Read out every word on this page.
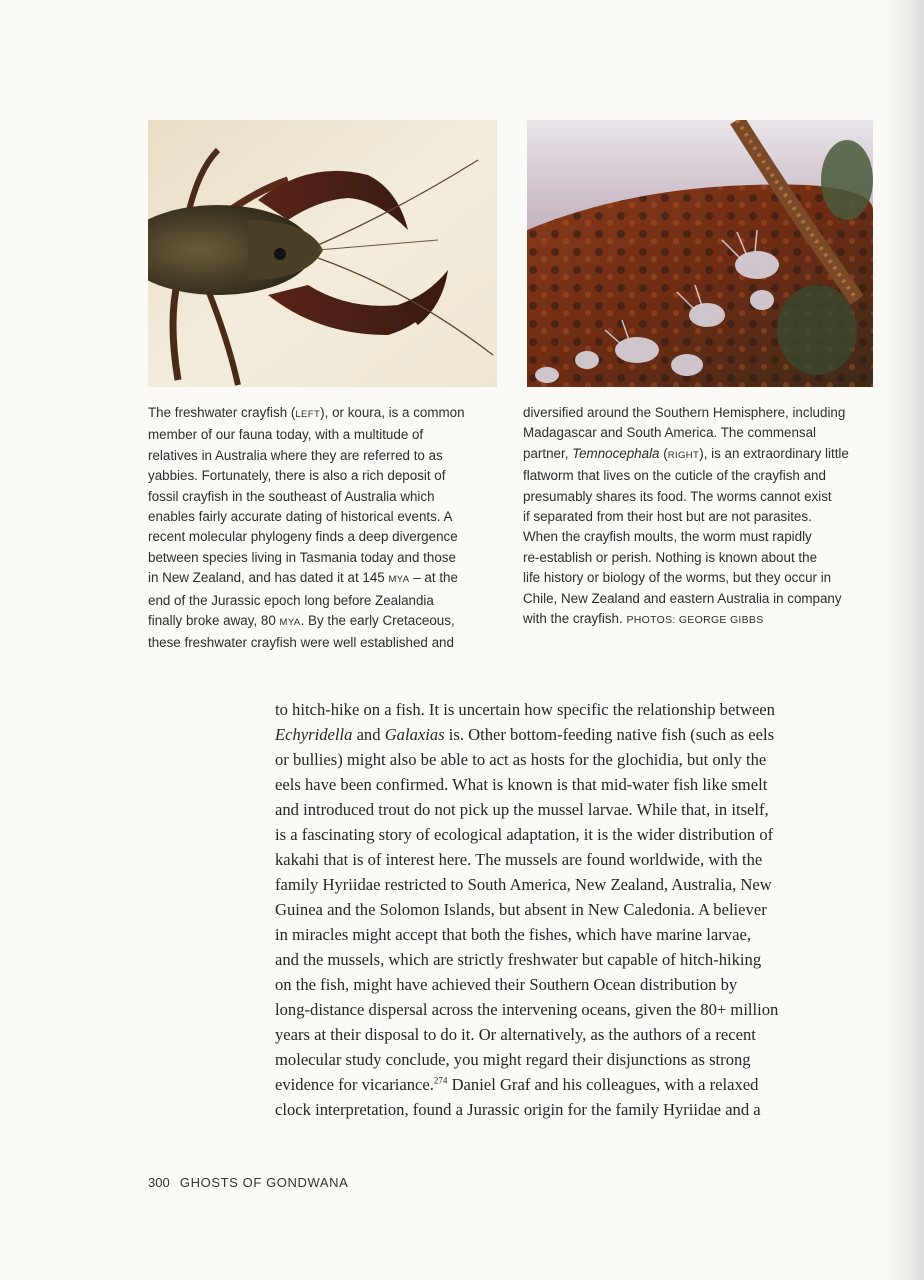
The freshwater crayfish (LEFT), or koura, is a common
member of our fauna today, with a multitude of
relatives in Australia where they are referred to as
yabbies. Fortunately, there is also a rich deposit of
fossil crayfish in the southeast of Australia which
enables fairly accurate dating of historical events. A
recent molecular phylogeny finds a deep divergence
between species living in Tasmania today and those
in New Zealand, and has dated it at 145 MYA – at the
end of the Jurassic epoch long before Zealandia
finally broke away, 80 MYA. By the early Cretaceous,
these freshwater crayfish were well established and
diversified around the Southern Hemisphere, including
Madagascar and South America. The commensal
partner, Temnocephala (RIGHT), is an extraordinary little
flatworm that lives on the cuticle of the crayfish and
presumably shares its food. The worms cannot exist
if separated from their host but are not parasites.
When the crayfish moults, the worm must rapidly
re-establish or perish. Nothing is known about the
life history or biology of the worms, but they occur in
Chile, New Zealand and eastern Australia in company
with the crayfish. PHOTOS: GEORGE GIBBS
to hitch-hike on a fish. It is uncertain how specific the relationship between
Echyridella and Galaxias is. Other bottom-feeding native fish (such as eels
or bullies) might also be able to act as hosts for the glochidia, but only the
eels have been confirmed. What is known is that mid-water fish like smelt
and introduced trout do not pick up the mussel larvae. While that, in itself,
is a fascinating story of ecological adaptation, it is the wider distribution of
kakahi that is of interest here. The mussels are found worldwide, with the
family Hyriidae restricted to South America, New Zealand, Australia, New
Guinea and the Solomon Islands, but absent in New Caledonia. A believer
in miracles might accept that both the fishes, which have marine larvae,
and the mussels, which are strictly freshwater but capable of hitch-hiking
on the fish, might have achieved their Southern Ocean distribution by
long-distance dispersal across the intervening oceans, given the 80+ million
years at their disposal to do it. Or alternatively, as the authors of a recent
molecular study conclude, you might regard their disjunctions as strong
evidence for vicariance.$^{274}$ Daniel Graf and his colleagues, with a relaxed
clock interpretation, found a Jurassic origin for the family Hyriidae and a
300 GHOSTS OF GONDWANA
